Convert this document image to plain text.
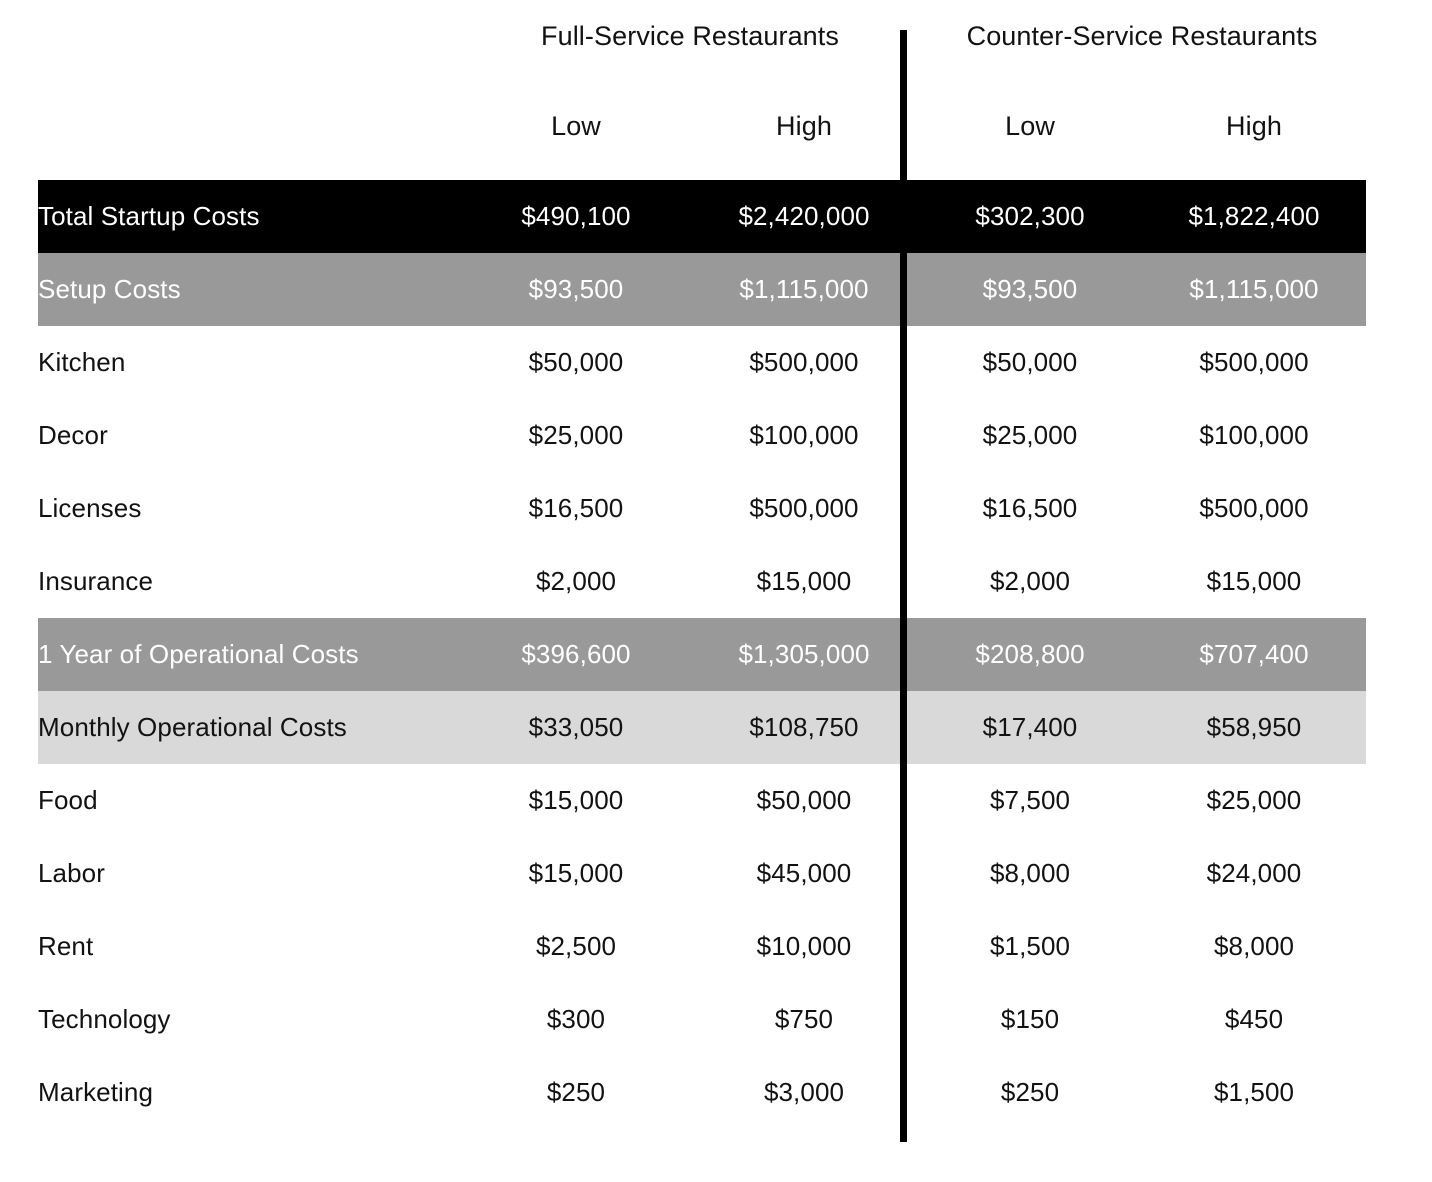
	Full-Service Restaurants		Counter-Service Restaurants	
	Low	High	Low	High
Total Startup Costs	$490,100	$2,420,000	$302,300	$1,822,400
Setup Costs	$93,500	$1,115,000	$93,500	$1,115,000
Kitchen	$50,000	$500,000	$50,000	$500,000
Decor	$25,000	$100,000	$25,000	$100,000
Licenses	$16,500	$500,000	$16,500	$500,000
Insurance	$2,000	$15,000	$2,000	$15,000
1 Year of Operational Costs	$396,600	$1,305,000	$208,800	$707,400
Monthly Operational Costs	$33,050	$108,750	$17,400	$58,950
Food	$15,000	$50,000	$7,500	$25,000
Labor	$15,000	$45,000	$8,000	$24,000
Rent	$2,500	$10,000	$1,500	$8,000
Technology	$300	$750	$150	$450
Marketing	$250	$3,000	$250	$1,500
